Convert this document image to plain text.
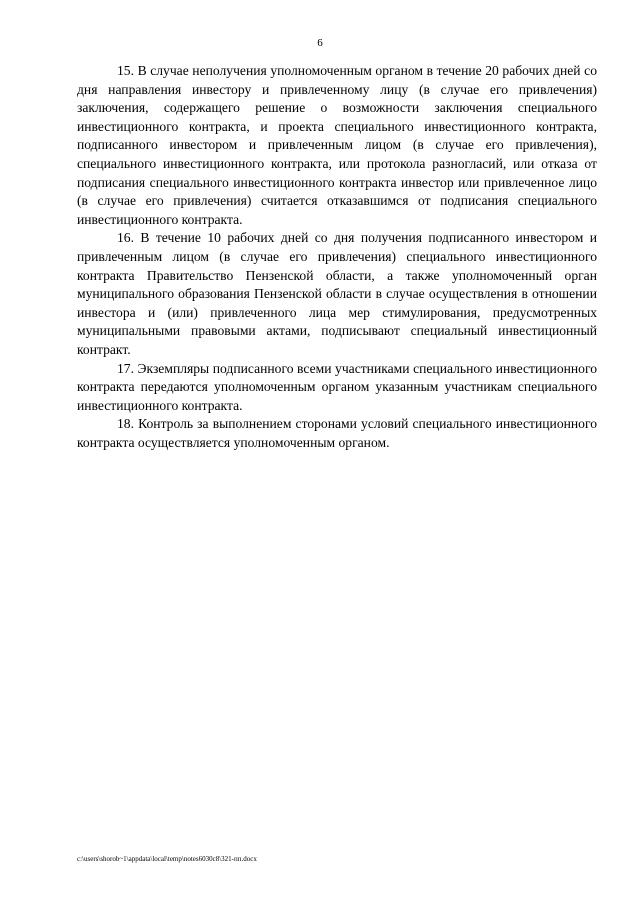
6

15. В случае неполучения уполномоченным органом в течение 20 рабочих дней со дня направления инвестору и привлеченному лицу (в случае его привлечения) заключения, содержащего решение о возможности заключения специального инвестиционного контракта, и проекта специального инвестиционного контракта, подписанного инвестором и привлеченным лицом (в случае его привлечения), специального инвестиционного контракта, или протокола разногласий, или отказа от подписания специального инвестиционного контракта инвестор или привлеченное лицо (в случае его привлечения) считается отказавшимся от подписания специального инвестиционного контракта.

16. В течение 10 рабочих дней со дня получения подписанного инвестором и привлеченным лицом (в случае его привлечения) специального инвестиционного контракта Правительство Пензенской области, а также уполномоченный орган муниципального образования Пензенской области в случае осуществления в отношении инвестора и (или) привлеченного лица мер стимулирования, предусмотренных муниципальными правовыми актами, подписывают специальный инвестиционный контракт.

17. Экземпляры подписанного всеми участниками специального инвестиционного контракта передаются уполномоченным органом указанным участникам специального инвестиционного контракта.

18. Контроль за выполнением сторонами условий специального инвестиционного контракта осуществляется уполномоченным органом.

c:\users\shorob~1\appdata\local\temp\notes6030c8\321-пп.docx
